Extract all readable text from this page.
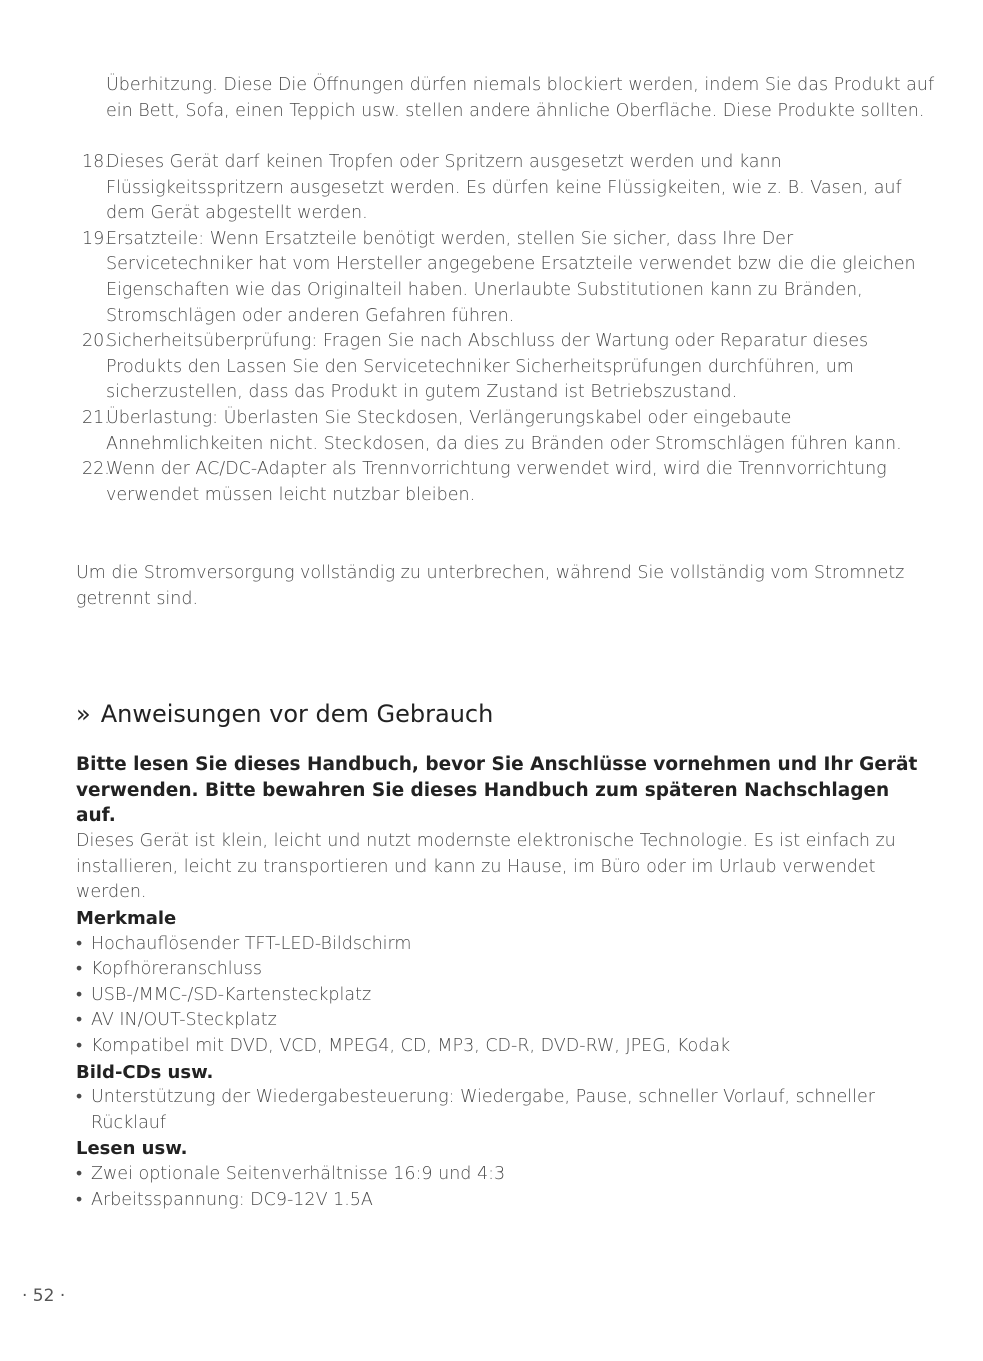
Überhitzung. Diese Die Öffnungen dürfen niemals blockiert werden, indem Sie das Produkt auf ein Bett, Sofa, einen Teppich usw. stellen andere ähnliche Oberfläche. Diese Produkte sollten.
18.
Dieses Gerät darf keinen Tropfen oder Spritzern ausgesetzt werden und kann Flüssigkeitsspritzern ausgesetzt werden. Es dürfen keine Flüssigkeiten, wie z. B. Vasen, auf dem Gerät abgestellt werden.
19.
Ersatzteile: Wenn Ersatzteile benötigt werden, stellen Sie sicher, dass Ihre Der Servicetechniker hat vom Hersteller angegebene Ersatzteile verwendet bzw die die gleichen Eigenschaften wie das Originalteil haben. Unerlaubte Substitutionen kann zu Bränden, Stromschlägen oder anderen Gefahren führen.
20.
Sicherheitsüberprüfung: Fragen Sie nach Abschluss der Wartung oder Reparatur dieses Produkts den Lassen Sie den Servicetechniker Sicherheitsprüfungen durchführen, um sicherzustellen, dass das Produkt in gutem Zustand ist Betriebszustand.
21.
Überlastung: Überlasten Sie Steckdosen, Verlängerungskabel oder eingebaute Annehmlichkeiten nicht. Steckdosen, da dies zu Bränden oder Stromschlägen führen kann.
22.
Wenn der AC/DC-Adapter als Trennvorrichtung verwendet wird, wird die Trennvorrichtung verwendet müssen leicht nutzbar bleiben.
Um die Stromversorgung vollständig zu unterbrechen, während Sie vollständig vom Stromnetz getrennt sind.
» Anweisungen vor dem Gebrauch
Bitte lesen Sie dieses Handbuch, bevor Sie Anschlüsse vornehmen und Ihr Gerät verwenden. Bitte bewahren Sie dieses Handbuch zum späteren Nachschlagen auf.
Dieses Gerät ist klein, leicht und nutzt modernste elektronische Technologie. Es ist einfach zu installieren, leicht zu transportieren und kann zu Hause, im Büro oder im Urlaub verwendet werden.
Merkmale
• Hochauflösender TFT-LED-Bildschirm
• Kopfhöreranschluss
• USB-/MMC-/SD-Kartensteckplatz
• AV IN/OUT-Steckplatz
• Kompatibel mit DVD, VCD, MPEG4, CD, MP3, CD-R, DVD-RW, JPEG, Kodak
Bild-CDs usw.
• Unterstützung der Wiedergabesteuerung: Wiedergabe, Pause, schneller Vorlauf, schneller Rücklauf
Lesen usw.
• Zwei optionale Seitenverhältnisse 16:9 und 4:3
• Arbeitsspannung: DC9-12V 1.5A
· 52 ·
